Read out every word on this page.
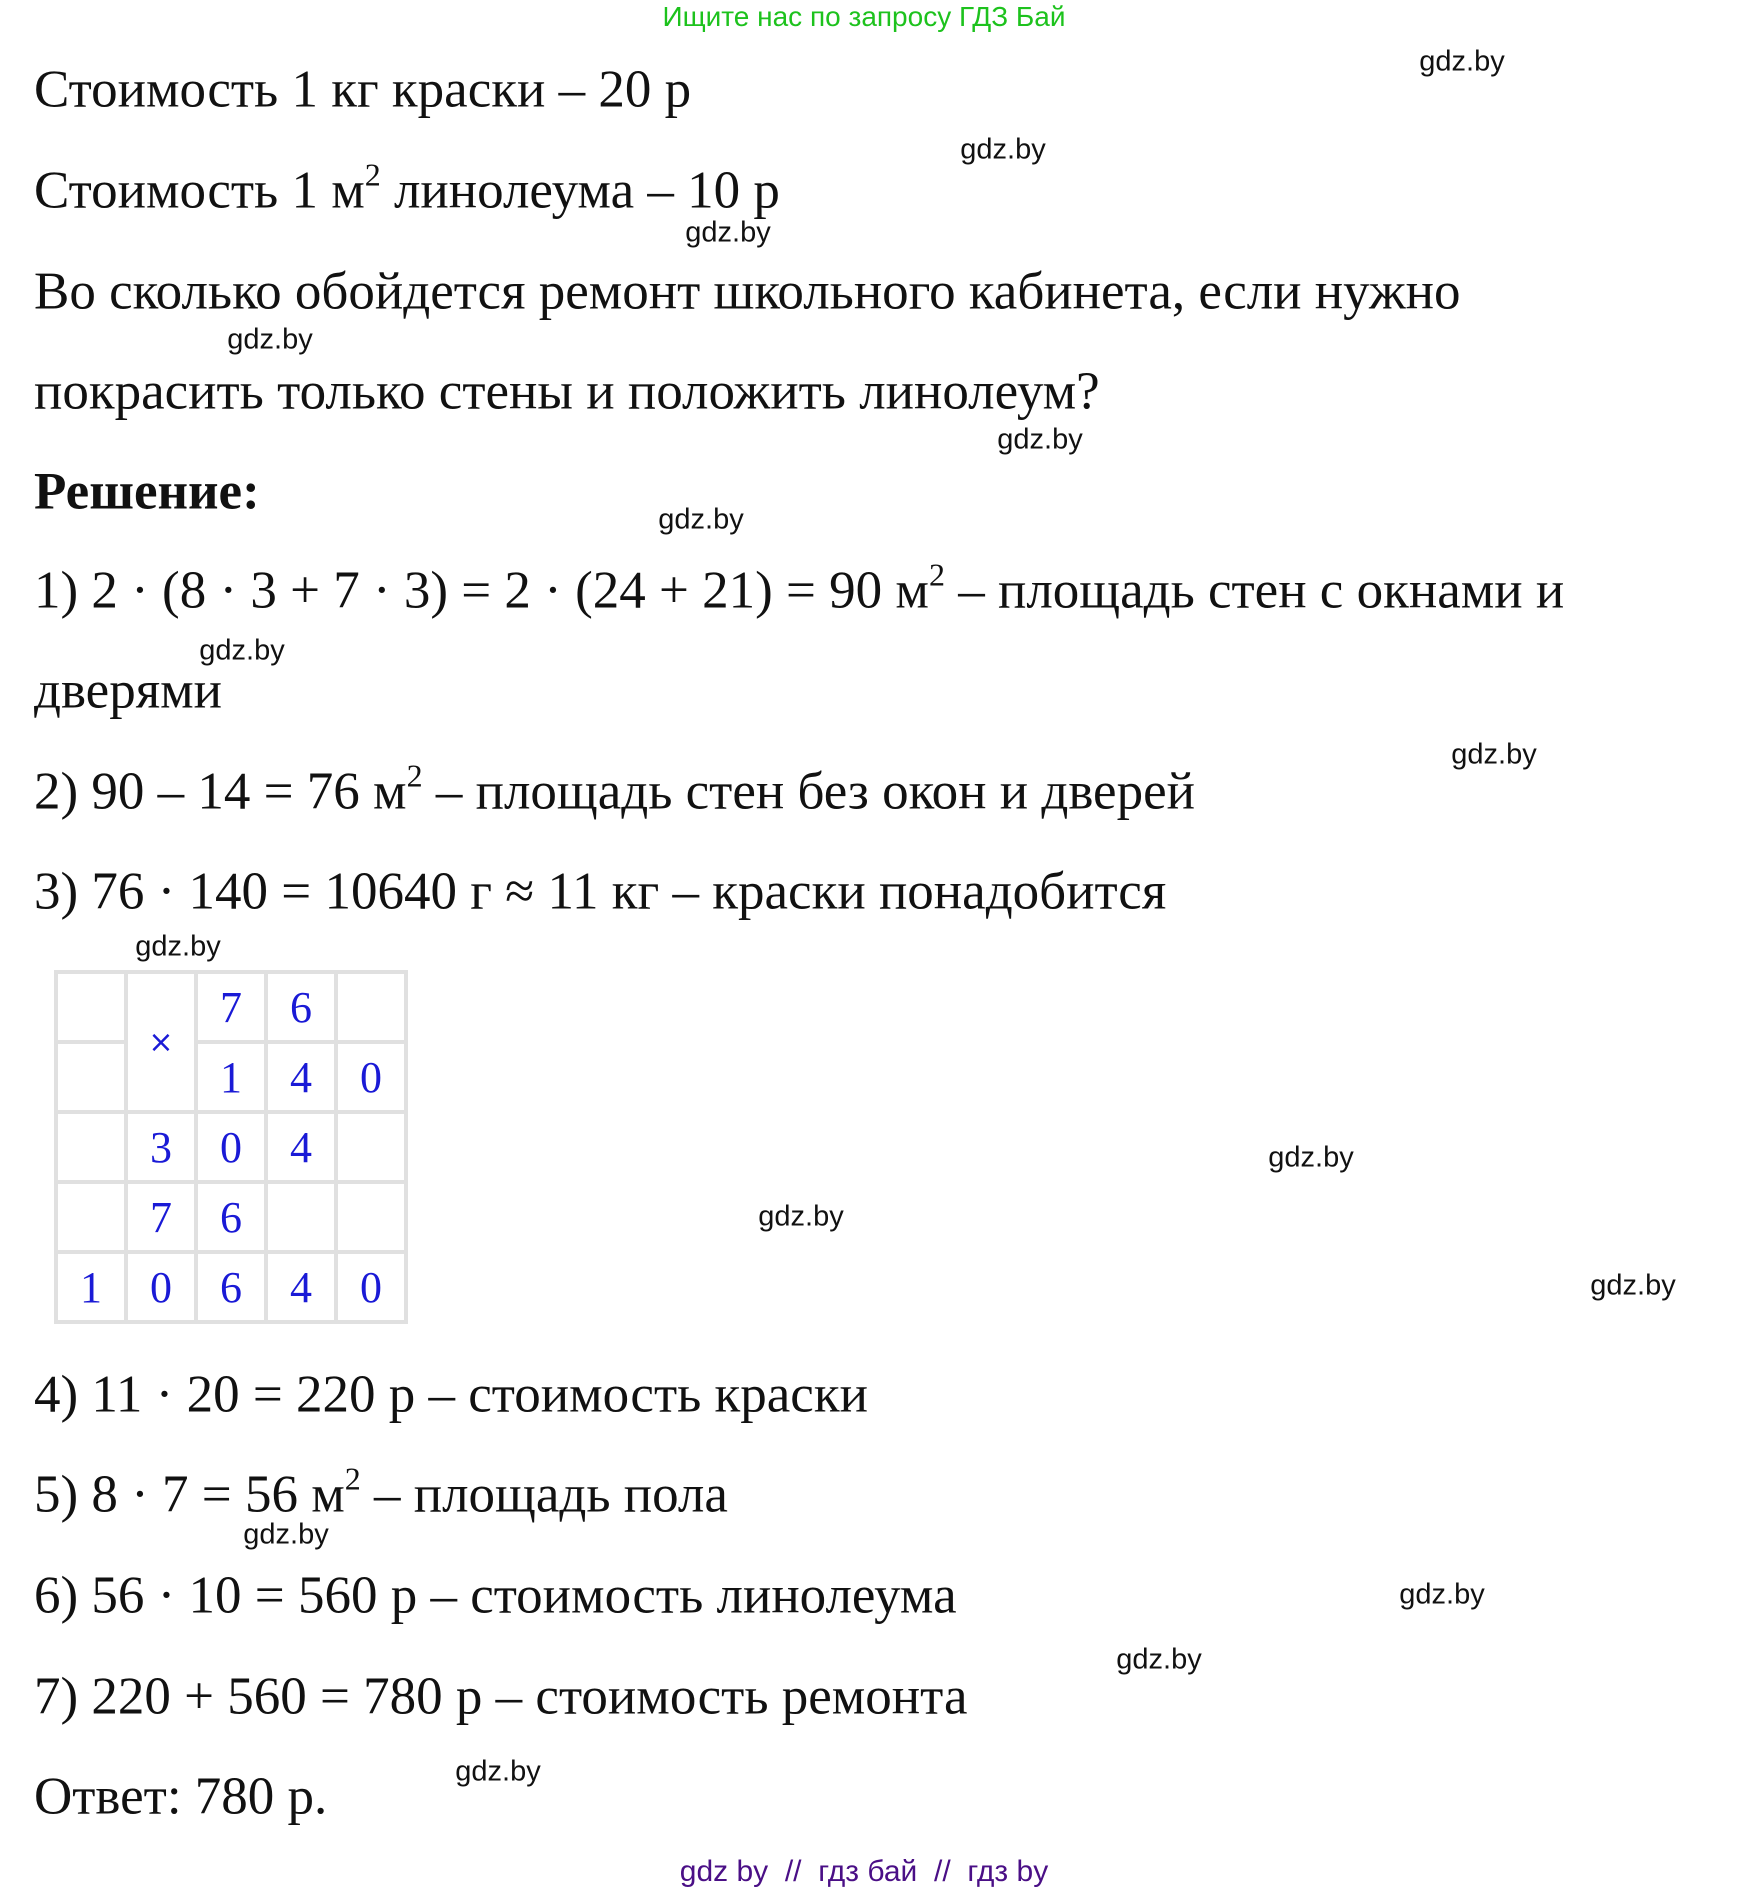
Ищите нас по запросу ГДЗ Бай
Стоимость 1 кг краски – 20 р
Стоимость 1 $м^2$ линолеума – 10 р
Во сколько обойдется ремонт школьного кабинета, если нужно
покрасить только стены и положить линолеум?
Решение:
1) 2 · (8 · 3 + 7 · 3) = 2 · (24 + 21) = 90 $м^2$ – площадь стен с окнами и
дверями
2) 90 – 14 = 76 $м^2$ – площадь стен без окон и дверей
3) 76 · 140 = 10640 г ≈ 11 кг – краски понадобится
	×	7	6	
		1	4	0
	3	0	4	
	7	6		
1	0	6	4	0
4) 11 · 20 = 220 р – стоимость краски
5) 8 · 7 = 56 $м^2$ – площадь пола
6) 56 · 10 = 560 р – стоимость линолеума
7) 220 + 560 = 780 р – стоимость ремонта
Ответ: 780 р.
gdz.by
gdz.by
gdz.by
gdz.by
gdz.by
gdz.by
gdz.by
gdz.by
gdz.by
gdz.by
gdz.by
gdz.by
gdz.by
gdz.by
gdz.by
gdz.by
gdz by  //  гдз бай  //  гдз by
